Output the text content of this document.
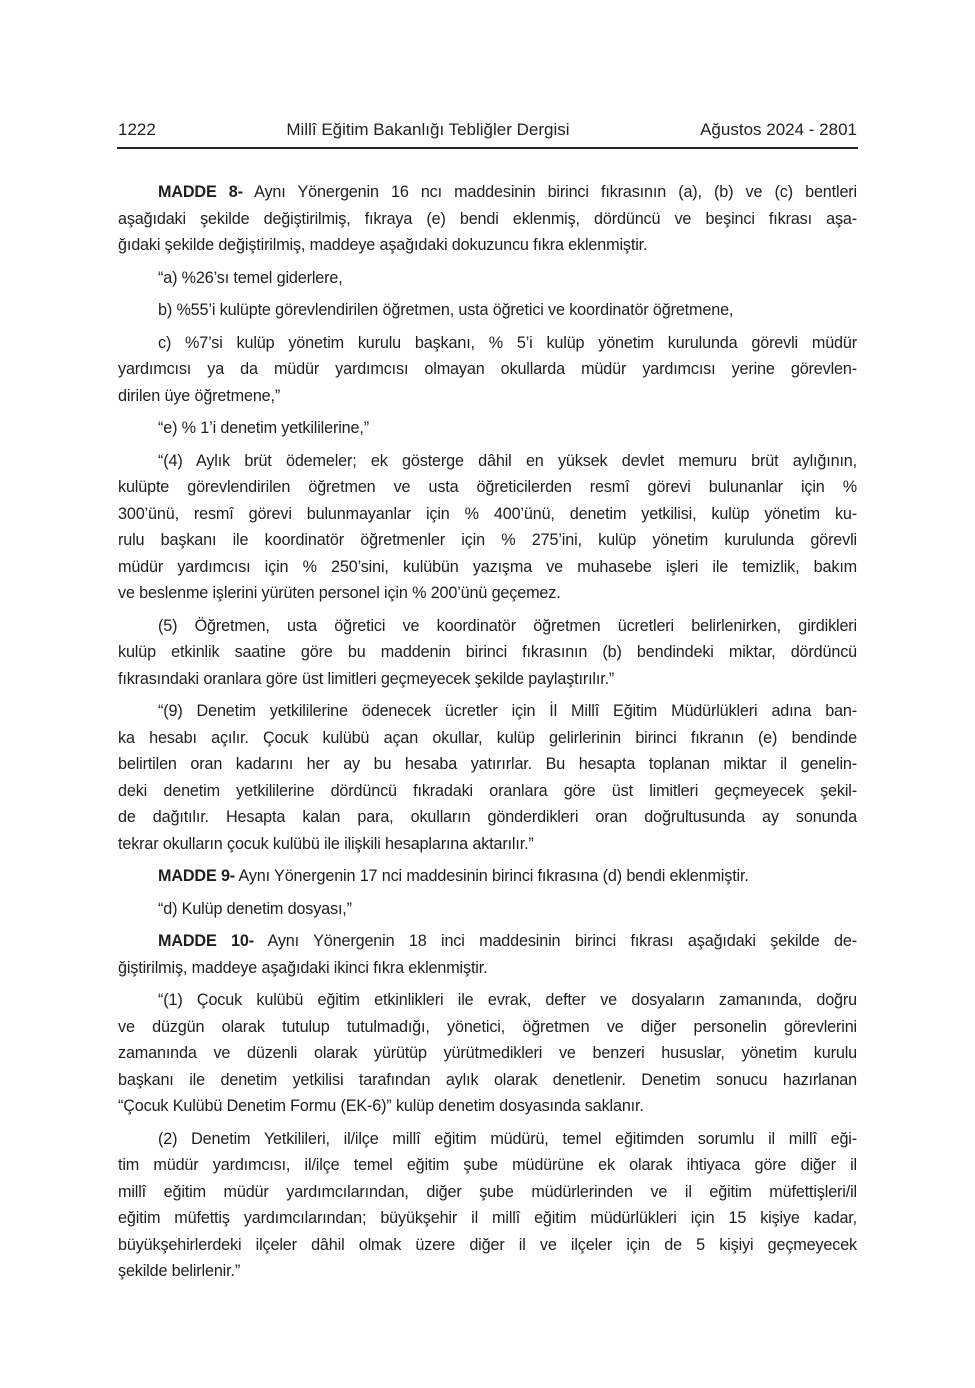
1222	Millî Eğitim Bakanlığı Tebliğler Dergisi	Ağustos 2024 - 2801
MADDE 8- Aynı Yönergenin 16 ncı maddesinin birinci fıkrasının (a), (b) ve (c) bentleri
aşağıdaki şekilde değiştirilmiş, fıkraya (e) bendi eklenmiş, dördüncü ve beşinci fıkrası aşa-
ğıdaki şekilde değiştirilmiş, maddeye aşağıdaki dokuzuncu fıkra eklenmiştir.
“a) %26’sı temel giderlere,
b) %55’i kulüpte görevlendirilen öğretmen, usta öğretici ve koordinatör öğretmene,
c) %7’si kulüp yönetim kurulu başkanı, % 5’i kulüp yönetim kurulunda görevli müdür
yardımcısı ya da müdür yardımcısı olmayan okullarda müdür yardımcısı yerine görevlen-
dirilen üye öğretmene,”
“e) % 1’i denetim yetkililerine,”
“(4) Aylık brüt ödemeler; ek gösterge dâhil en yüksek devlet memuru brüt aylığının,
kulüpte görevlendirilen öğretmen ve usta öğreticilerden resmî görevi bulunanlar için %
300’ünü, resmî görevi bulunmayanlar için % 400’ünü, denetim yetkilisi, kulüp yönetim ku-
rulu başkanı ile koordinatör öğretmenler için % 275’ini, kulüp yönetim kurulunda görevli
müdür yardımcısı için % 250’sini, kulübün yazışma ve muhasebe işleri ile temizlik, bakım
ve beslenme işlerini yürüten personel için % 200’ünü geçemez.
(5) Öğretmen, usta öğretici ve koordinatör öğretmen ücretleri belirlenirken, girdikleri
kulüp etkinlik saatine göre bu maddenin birinci fıkrasının (b) bendindeki miktar, dördüncü
fıkrasındaki oranlara göre üst limitleri geçmeyecek şekilde paylaştırılır.”
“(9) Denetim yetkililerine ödenecek ücretler için İl Millî Eğitim Müdürlükleri adına ban-
ka hesabı açılır. Çocuk kulübü açan okullar, kulüp gelirlerinin birinci fıkranın (e) bendinde
belirtilen oran kadarını her ay bu hesaba yatırırlar. Bu hesapta toplanan miktar il genelin-
deki denetim yetkililerine dördüncü fıkradaki oranlara göre üst limitleri geçmeyecek şekil-
de dağıtılır. Hesapta kalan para, okulların gönderdikleri oran doğrultusunda ay sonunda
tekrar okulların çocuk kulübü ile ilişkili hesaplarına aktarılır.”
MADDE 9- Aynı Yönergenin 17 nci maddesinin birinci fıkrasına (d) bendi eklenmiştir.
“d) Kulüp denetim dosyası,”
MADDE 10- Aynı Yönergenin 18 inci maddesinin birinci fıkrası aşağıdaki şekilde de-
ğiştirilmiş, maddeye aşağıdaki ikinci fıkra eklenmiştir.
“(1) Çocuk kulübü eğitim etkinlikleri ile evrak, defter ve dosyaların zamanında, doğru
ve düzgün olarak tutulup tutulmadığı, yönetici, öğretmen ve diğer personelin görevlerini
zamanında ve düzenli olarak yürütüp yürütmedikleri ve benzeri hususlar, yönetim kurulu
başkanı ile denetim yetkilisi tarafından aylık olarak denetlenir. Denetim sonucu hazırlanan
“Çocuk Kulübü Denetim Formu (EK-6)” kulüp denetim dosyasında saklanır.
(2) Denetim Yetkilileri, il/ilçe millî eğitim müdürü, temel eğitimden sorumlu il millî eği-
tim müdür yardımcısı, il/ilçe temel eğitim şube müdürüne ek olarak ihtiyaca göre diğer il
millî eğitim müdür yardımcılarından, diğer şube müdürlerinden ve il eğitim müfettişleri/il
eğitim müfettiş yardımcılarından; büyükşehir il millî eğitim müdürlükleri için 15 kişiye kadar,
büyükşehirlerdeki ilçeler dâhil olmak üzere diğer il ve ilçeler için de 5 kişiyi geçmeyecek
şekilde belirlenir.”
